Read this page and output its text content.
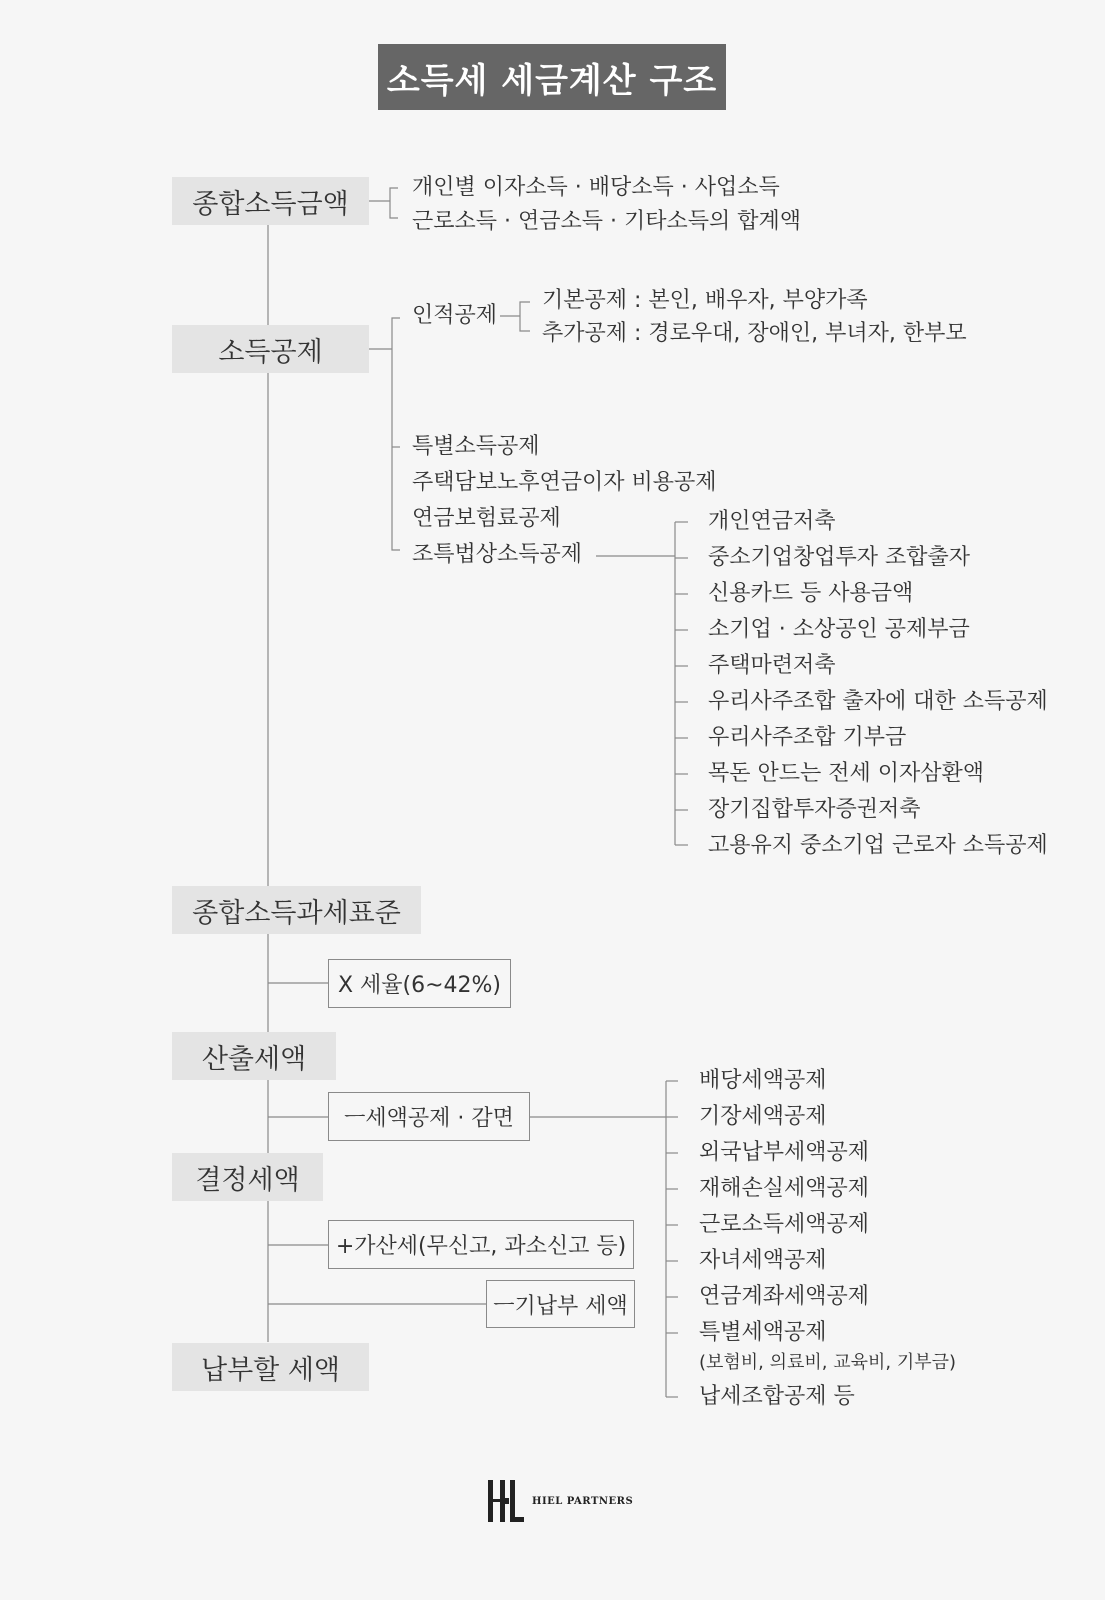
소득세 세금계산 구조
종합소득금액
소득공제
종합소득과세표준
산출세액
결정세액
납부할 세액
개인별 이자소득 · 배당소득 · 사업소득
근로소득 · 연금소득 · 기타소득의 합계액
인적공제
기본공제 : 본인, 배우자, 부양가족
추가공제 : 경로우대, 장애인, 부녀자, 한부모
특별소득공제
주택담보노후연금이자 비용공제
연금보험료공제
조특법상소득공제
개인연금저축
중소기업창업투자 조합출자
신용카드 등 사용금액
소기업 · 소상공인 공제부금
주택마련저축
우리사주조합 출자에 대한 소득공제
우리사주조합 기부금
목돈 안드는 전세 이자삼환액
장기집합투자증권저축
고용유지 중소기업 근로자 소득공제
X 세율(6~42%)
ㅡ세액공제 · 감면
+가산세(무신고, 과소신고 등)
ㅡ기납부 세액
배당세액공제
기장세액공제
외국납부세액공제
재해손실세액공제
근로소득세액공제
자녀세액공제
연금계좌세액공제
특별세액공제
(보험비, 의료비, 교육비, 기부금)
납세조합공제 등
HIEL PARTNERS
